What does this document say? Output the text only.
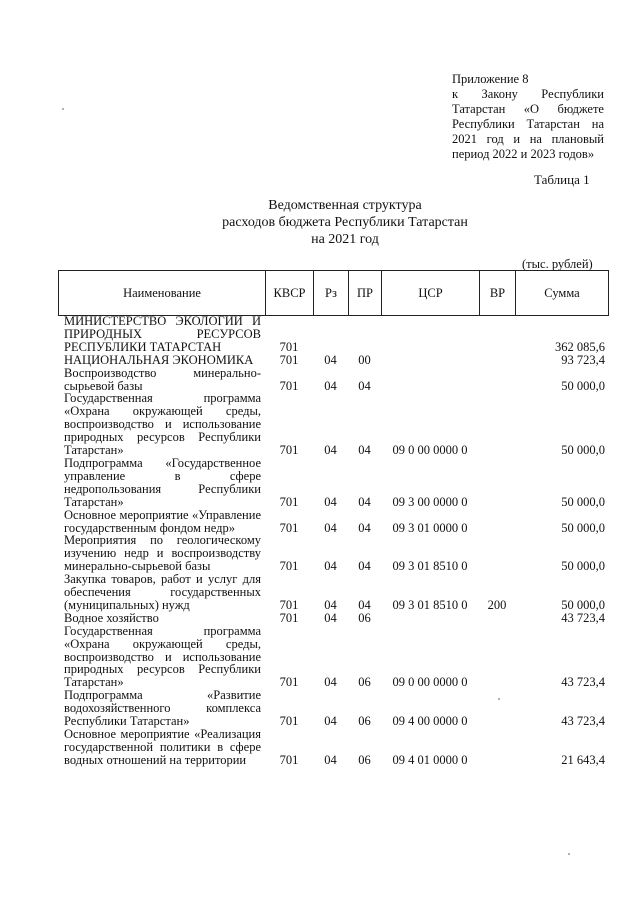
Приложение 8
к Закону Республики Татарстан «О бюджете Республики Татарстан на 2021 год и на плановый период 2022 и 2023 годов»
Таблица 1
Ведомственная структура
расходов бюджета Республики Татарстан
на 2021 год
(тыс. рублей)
Наименование	КВСР	Рз	ПР	ЦСР	ВР	Сумма
МИНИСТЕРСТВО ЭКОЛОГИИ И ПРИРОДНЫХ РЕСУРСОВ РЕСПУБЛИКИ ТАТАРСТАН	701					362 085,6
НАЦИОНАЛЬНАЯ ЭКОНОМИКА	701	04	00			93 723,4
Воспроизводство минерально-сырьевой базы	701	04	04			50 000,0
Государственная программа «Охрана окружающей среды, воспроизводство и использование природных ресурсов Республики Татарстан»	701	04	04	09 0 00 0000 0		50 000,0
Подпрограмма «Государственное управление в сфере недропользования Республики Татарстан»	701	04	04	09 3 00 0000 0		50 000,0
Основное мероприятие «Управление государственным фондом недр»	701	04	04	09 3 01 0000 0		50 000,0
Мероприятия по геологическому изучению недр и воспроизводству минерально-сырьевой базы	701	04	04	09 3 01 8510 0		50 000,0
Закупка товаров, работ и услуг для обеспечения государственных (муниципальных) нужд	701	04	04	09 3 01 8510 0	200	50 000,0
Водное хозяйство	701	04	06			43 723,4
Государственная программа «Охрана окружающей среды, воспроизводство и использование природных ресурсов Республики Татарстан»	701	04	06	09 0 00 0000 0		43 723,4
Подпрограмма «Развитие водохозяйственного комплекса Республики Татарстан»	701	04	06	09 4 00 0000 0		43 723,4
Основное мероприятие «Реализация государственной политики в сфере водных отношений на территории	701	04	06	09 4 01 0000 0		21 643,4
